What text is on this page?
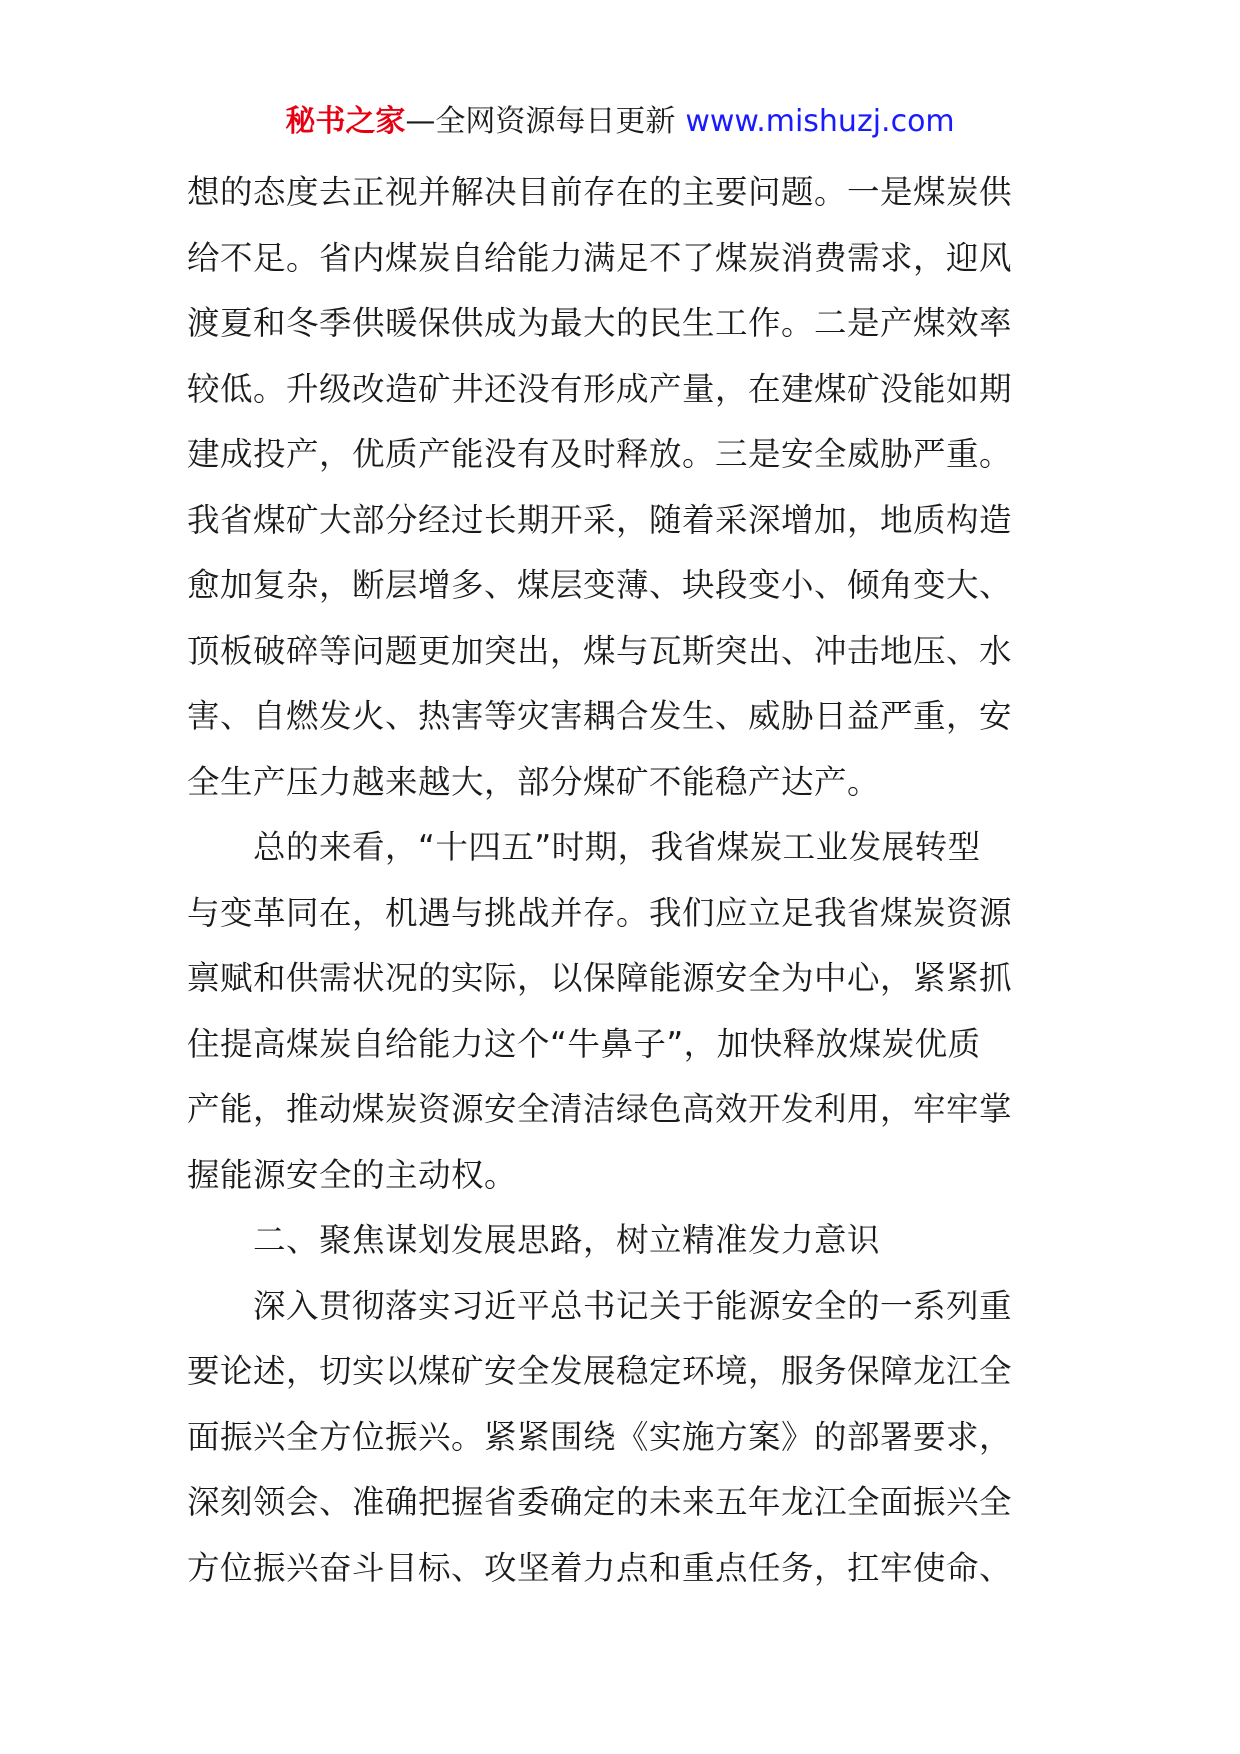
秘书之家—全网资源每日更新 www.mishuzj.com

想的态度去正视并解决目前存在的主要问题。一是煤炭供
给不足。省内煤炭自给能力满足不了煤炭消费需求，迎风
渡夏和冬季供暖保供成为最大的民生工作。二是产煤效率
较低。升级改造矿井还没有形成产量，在建煤矿没能如期
建成投产，优质产能没有及时释放。三是安全威胁严重。
我省煤矿大部分经过长期开采，随着采深增加，地质构造
愈加复杂，断层增多、煤层变薄、块段变小、倾角变大、
顶板破碎等问题更加突出，煤与瓦斯突出、冲击地压、水
害、自燃发火、热害等灾害耦合发生、威胁日益严重，安
全生产压力越来越大，部分煤矿不能稳产达产。

总的来看，“十四五”时期，我省煤炭工业发展转型
与变革同在，机遇与挑战并存。我们应立足我省煤炭资源
禀赋和供需状况的实际，以保障能源安全为中心，紧紧抓
住提高煤炭自给能力这个“牛鼻子”，加快释放煤炭优质
产能，推动煤炭资源安全清洁绿色高效开发利用，牢牢掌
握能源安全的主动权。

二、聚焦谋划发展思路，树立精准发力意识

深入贯彻落实习近平总书记关于能源安全的一系列重
要论述，切实以煤矿安全发展稳定环境，服务保障龙江全
面振兴全方位振兴。紧紧围绕《实施方案》的部署要求，
深刻领会、准确把握省委确定的未来五年龙江全面振兴全
方位振兴奋斗目标、攻坚着力点和重点任务，扛牢使命、
